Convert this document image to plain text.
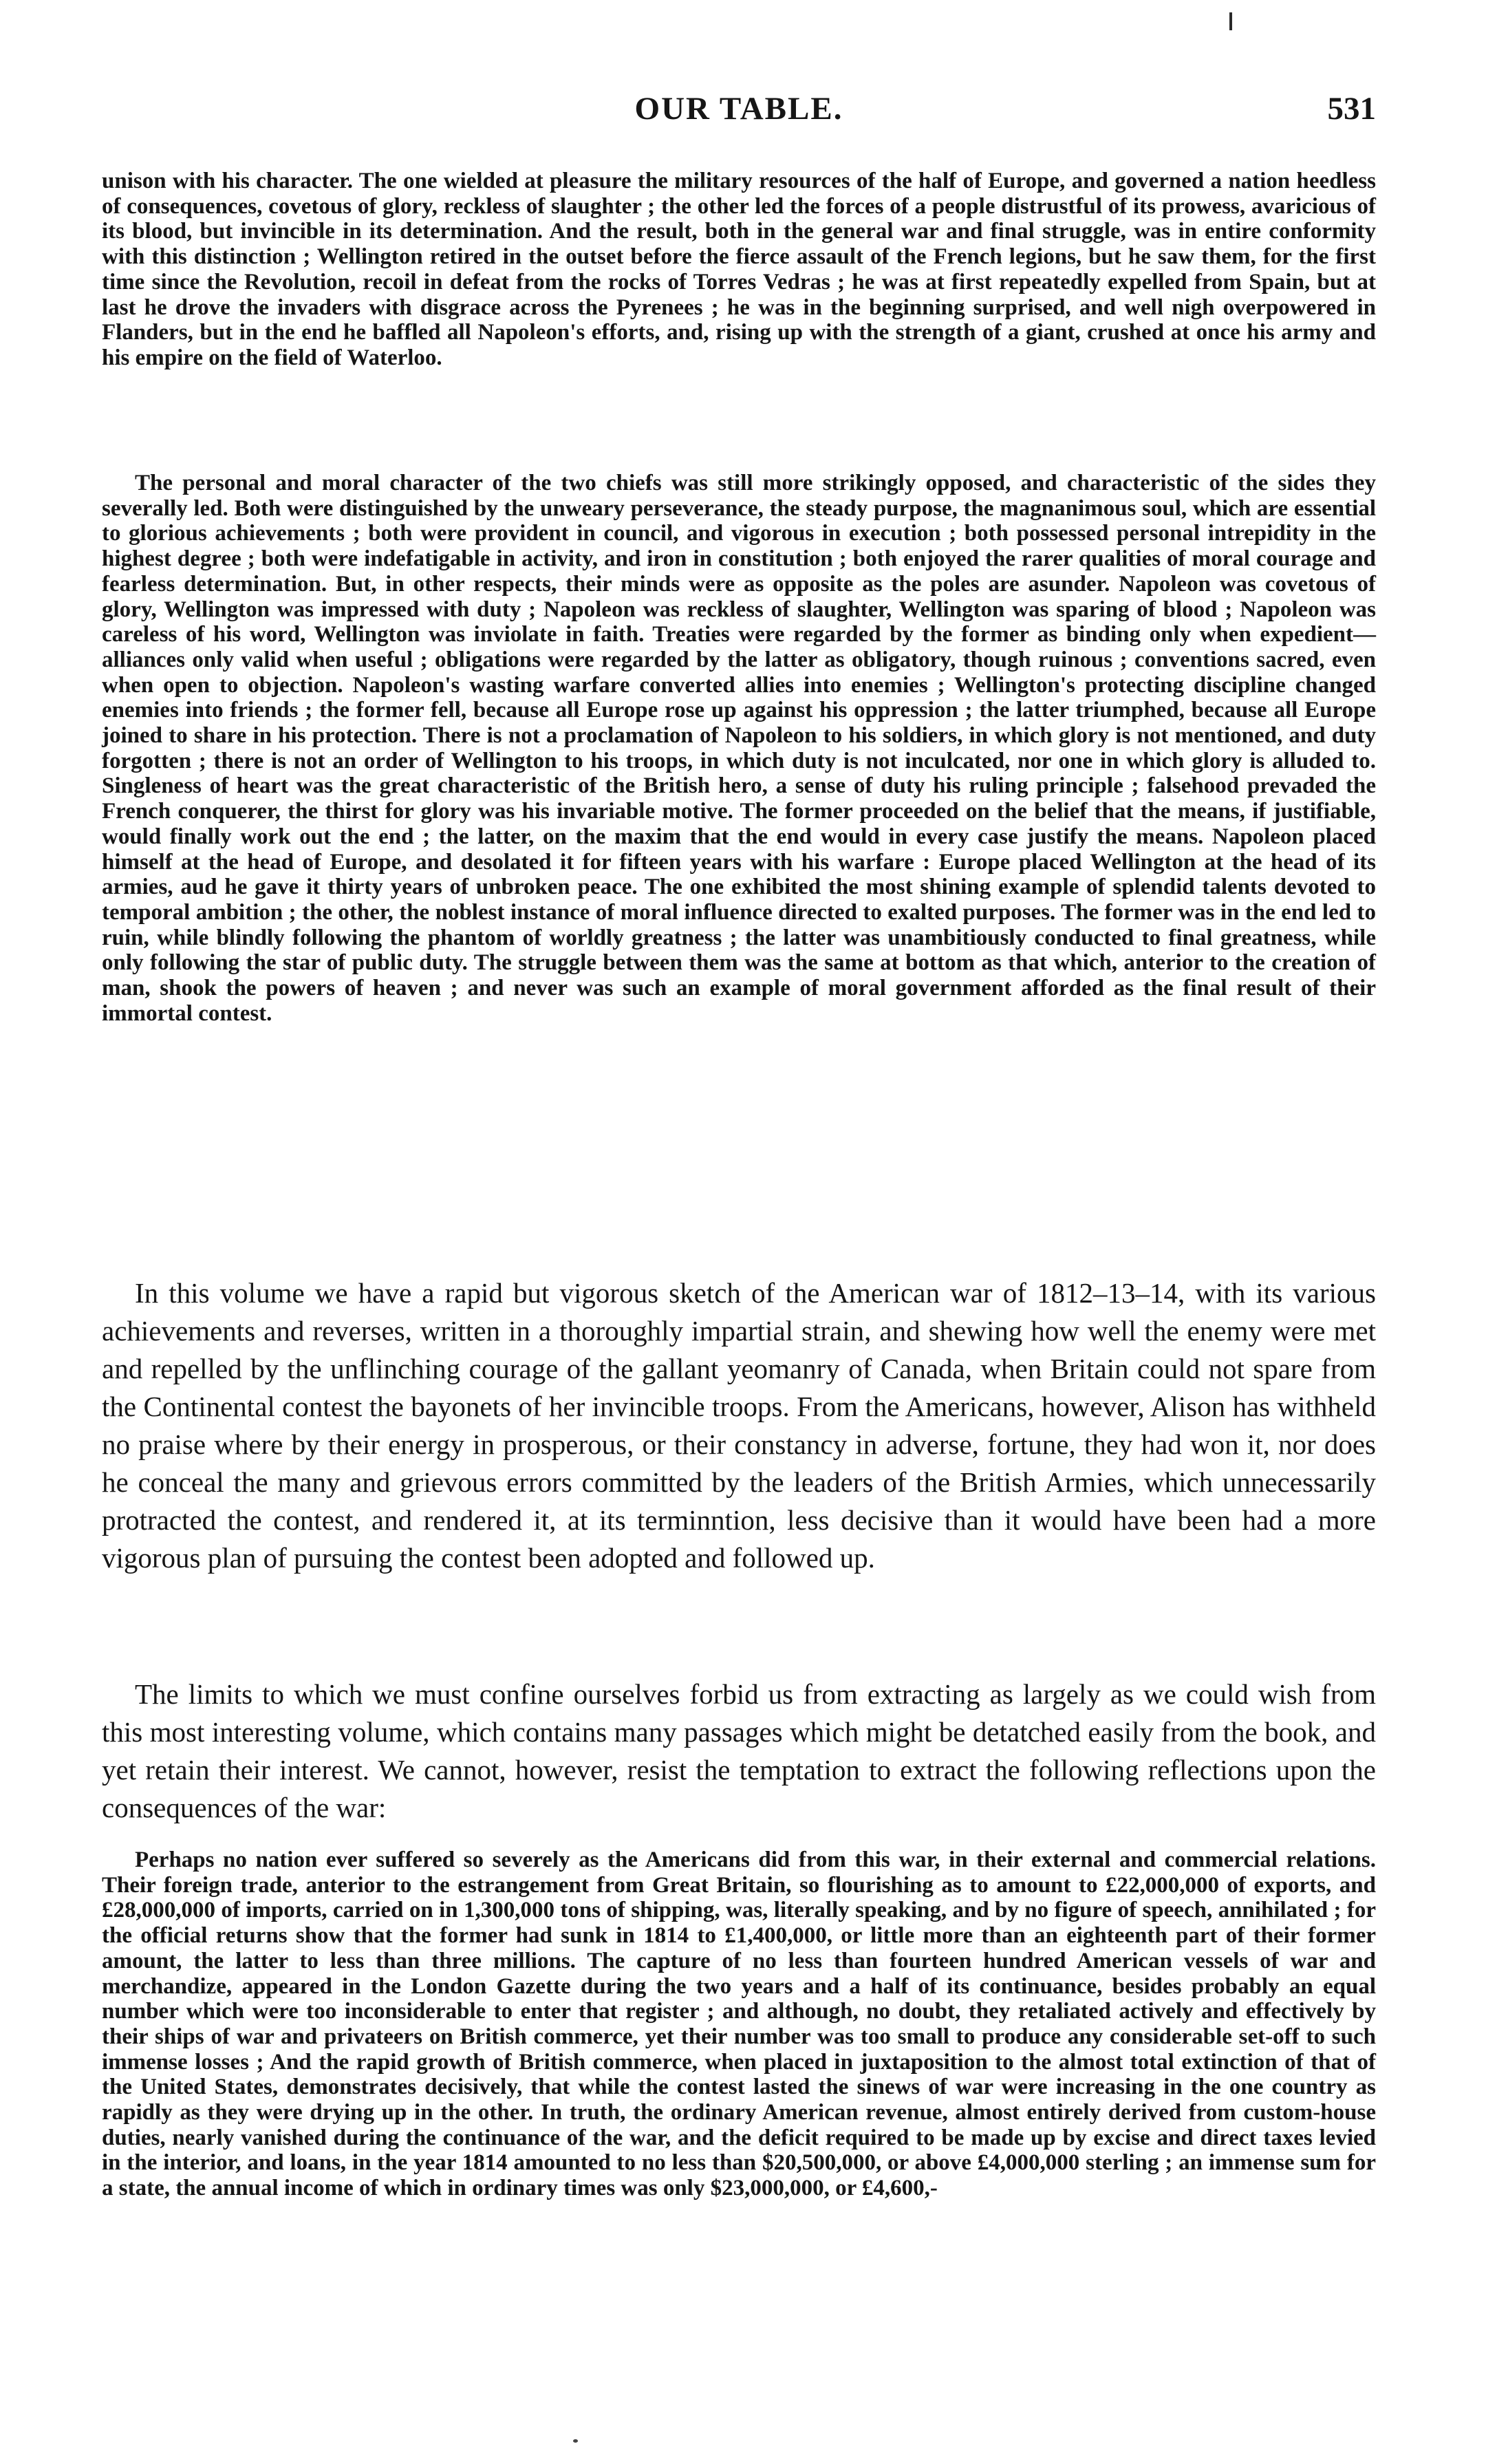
OUR TABLE.	531

unison with his character. The one wielded at pleasure the military resources of the half of Europe, and governed a nation heedless of consequences, covetous of glory, reckless of slaughter ; the other led the forces of a people distrustful of its prowess, avaricious of its blood, but invincible in its determination. And the result, both in the general war and final struggle, was in entire conformity with this distinction ; Wellington retired in the outset before the fierce assault of the French legions, but he saw them, for the first time since the Revolution, recoil in defeat from the rocks of Torres Vedras ; he was at first repeatedly expelled from Spain, but at last he drove the invaders with disgrace across the Pyrenees ; he was in the beginning surprised, and well nigh overpowered in Flanders, but in the end he baffled all Napoleon's efforts, and, rising up with the strength of a giant, crushed at once his army and his empire on the field of Waterloo.

The personal and moral character of the two chiefs was still more strikingly opposed, and characteristic of the sides they severally led. Both were distinguished by the unweary perseverance, the steady purpose, the magnanimous soul, which are essential to glorious achievements ; both were provident in council, and vigorous in execution ; both possessed personal intrepidity in the highest degree ; both were indefatigable in activity, and iron in constitution ; both enjoyed the rarer qualities of moral courage and fearless determination. But, in other respects, their minds were as opposite as the poles are asunder. Napoleon was covetous of glory, Wellington was impressed with duty ; Napoleon was reckless of slaughter, Wellington was sparing of blood ; Napoleon was careless of his word, Wellington was inviolate in faith. Treaties were regarded by the former as binding only when expedient—alliances only valid when useful ; obligations were regarded by the latter as obligatory, though ruinous ; conventions sacred, even when open to objection. Napoleon's wasting warfare converted allies into enemies ; Wellington's protecting discipline changed enemies into friends ; the former fell, because all Europe rose up against his oppression ; the latter triumphed, because all Europe joined to share in his protection. There is not a proclamation of Napoleon to his soldiers, in which glory is not mentioned, and duty forgotten ; there is not an order of Wellington to his troops, in which duty is not inculcated, nor one in which glory is alluded to. Singleness of heart was the great characteristic of the British hero, a sense of duty his ruling principle ; falsehood prevaded the French conquerer, the thirst for glory was his invariable motive. The former proceeded on the belief that the means, if justifiable, would finally work out the end ; the latter, on the maxim that the end would in every case justify the means. Napoleon placed himself at the head of Europe, and desolated it for fifteen years with his warfare : Europe placed Wellington at the head of its armies, aud he gave it thirty years of unbroken peace. The one exhibited the most shining example of splendid talents devoted to temporal ambition ; the other, the noblest instance of moral influence directed to exalted purposes. The former was in the end led to ruin, while blindly following the phantom of worldly greatness ; the latter was unambitiously conducted to final greatness, while only following the star of public duty. The struggle between them was the same at bottom as that which, anterior to the creation of man, shook the powers of heaven ; and never was such an example of moral government afforded as the final result of their immortal contest.

In this volume we have a rapid but vigorous sketch of the American war of 1812–13–14, with its various achievements and reverses, written in a thoroughly impartial strain, and shewing how well the enemy were met and repelled by the unflinching courage of the gallant yeomanry of Canada, when Britain could not spare from the Continental contest the bayonets of her invincible troops. From the Americans, however, Alison has withheld no praise where by their energy in prosperous, or their constancy in adverse, fortune, they had won it, nor does he conceal the many and grievous errors committed by the leaders of the British Armies, which unnecessarily protracted the contest, and rendered it, at its terminntion, less decisive than it would have been had a more vigorous plan of pursuing the contest been adopted and followed up.

The limits to which we must confine ourselves forbid us from extracting as largely as we could wish from this most interesting volume, which contains many passages which might be detatched easily from the book, and yet retain their interest. We cannot, however, resist the temptation to extract the following reflections upon the consequences of the war:

Perhaps no nation ever suffered so severely as the Americans did from this war, in their external and commercial relations. Their foreign trade, anterior to the estrangement from Great Britain, so flourishing as to amount to £22,000,000 of exports, and £28,000,000 of imports, carried on in 1,300,000 tons of shipping, was, literally speaking, and by no figure of speech, annihilated ; for the official returns show that the former had sunk in 1814 to £1,400,000, or little more than an eighteenth part of their former amount, the latter to less than three millions. The capture of no less than fourteen hundred American vessels of war and merchandize, appeared in the London Gazette during the two years and a half of its continuance, besides probably an equal number which were too inconsiderable to enter that register ; and although, no doubt, they retaliated actively and effectively by their ships of war and privateers on British commerce, yet their number was too small to produce any considerable set-off to such immense losses ; And the rapid growth of British commerce, when placed in juxtaposition to the almost total extinction of that of the United States, demonstrates decisively, that while the contest lasted the sinews of war were increasing in the one country as rapidly as they were drying up in the other. In truth, the ordinary American revenue, almost entirely derived from custom-house duties, nearly vanished during the continuance of the war, and the deficit required to be made up by excise and direct taxes levied in the interior, and loans, in the year 1814 amounted to no less than $20,500,000, or above £4,000,000 sterling ; an immense sum for a state, the annual income of which in ordinary times was only $23,000,000, or £4,600,-
